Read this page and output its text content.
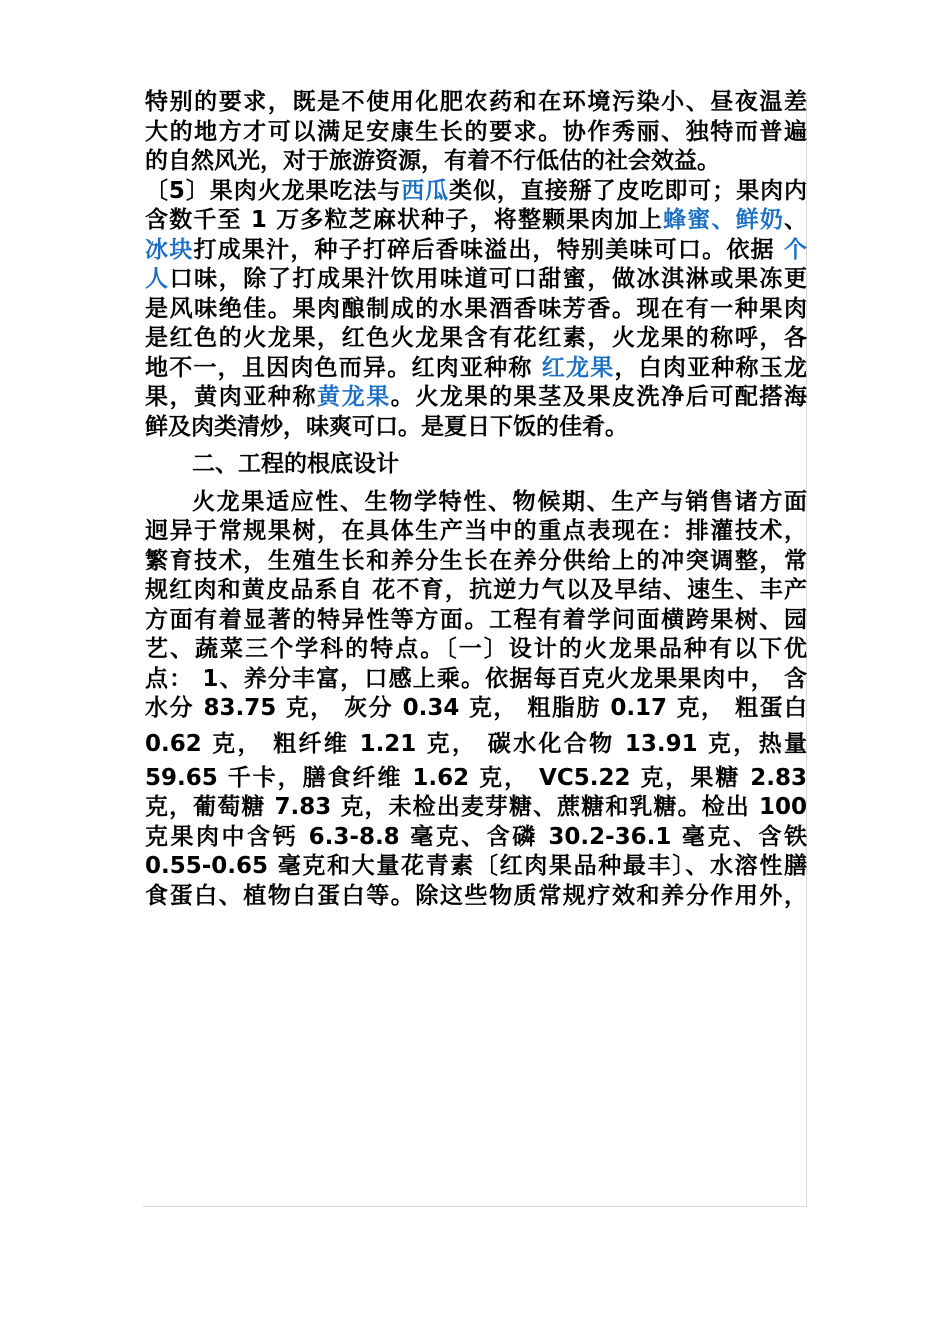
特别的要求，既是不使用化肥农药和在环境污染小、昼夜温差
大的地方才可以满足安康生长的要求。协作秀丽、独特而普遍
的自然风光，对于旅游资源，有着不行低估的社会效益。
〔5〕果肉火龙果吃法与西瓜类似，直接掰了皮吃即可；果肉内
含数千至 1 万多粒芝麻状种子，将整颗果肉加上蜂蜜、鲜奶、
冰块打成果汁，种子打碎后香味溢出，特别美味可口。依据 个
人口味，除了打成果汁饮用味道可口甜蜜，做冰淇淋或果冻更
是风味绝佳。果肉酿制成的水果酒香味芳香。现在有一种果肉
是红色的火龙果，红色火龙果含有花红素，火龙果的称呼，各
地不一，且因肉色而异。红肉亚种称 红龙果，白肉亚种称玉龙
果，黄肉亚种称黄龙果。火龙果的果茎及果皮洗净后可配搭海
鲜及肉类清炒，味爽可口。是夏日下饭的佳肴。
二、工程的根底设计
火龙果适应性、生物学特性、物候期、生产与销售诸方面
迥异于常规果树，在具体生产当中的重点表现在：排灌技术，
繁育技术，生殖生长和养分生长在养分供给上的冲突调整，常
规红肉和黄皮品系自 花不育，抗逆力气以及早结、速生、丰产
方面有着显著的特异性等方面。工程有着学问面横跨果树、园
艺、蔬菜三个学科的特点。〔一〕设计的火龙果品种有以下优
点： 1、养分丰富，口感上乘。依据每百克火龙果果肉中， 含
水分 83.75 克， 灰分 0.34 克， 粗脂肪 0.17 克， 粗蛋白
0.62 克， 粗纤维 1.21 克， 碳水化合物 13.91 克，热量
59.65 千卡，膳食纤维 1.62 克， VC5.22 克，果糖 2.83
克，葡萄糖 7.83 克，未检出麦芽糖、蔗糖和乳糖。检出 100
克果肉中含钙 6.3-8.8 毫克、含磷 30.2-36.1 毫克、含铁
0.55-0.65 毫克和大量花青素〔红肉果品种最丰〕、水溶性膳
食蛋白、植物白蛋白等。除这些物质常规疗效和养分作用外，
